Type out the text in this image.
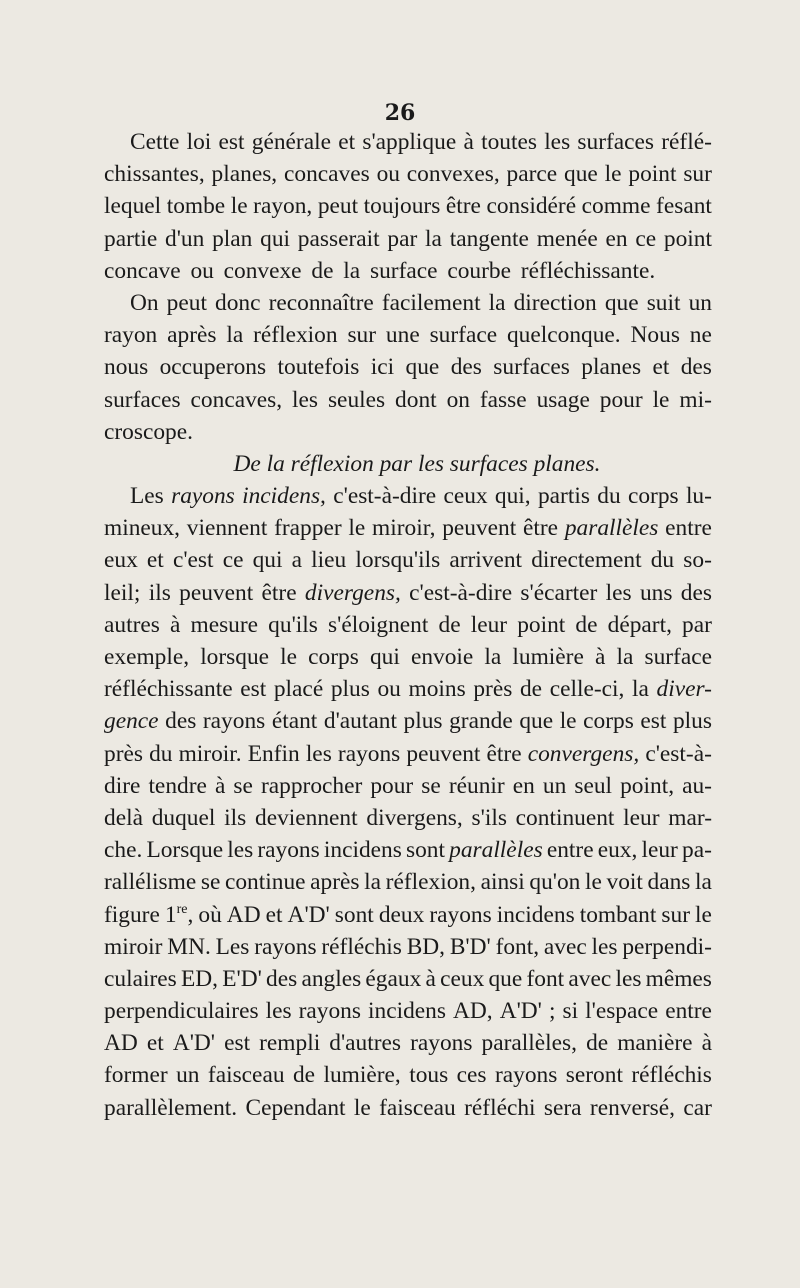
26
Cette loi est générale et s'applique à toutes les surfaces réflé-
chissantes, planes, concaves ou convexes, parce que le point sur
lequel tombe le rayon, peut toujours être considéré comme fesant
partie d'un plan qui passerait par la tangente menée en ce point
concave ou convexe de la surface courbe réfléchissante.
On peut donc reconnaître facilement la direction que suit un
rayon après la réflexion sur une surface quelconque. Nous ne
nous occuperons toutefois ici que des surfaces planes et des
surfaces concaves, les seules dont on fasse usage pour le mi-
croscope.
De la réflexion par les surfaces planes.
Les rayons incidens, c'est-à-dire ceux qui, partis du corps lu-
mineux, viennent frapper le miroir, peuvent être parallèles entre
eux et c'est ce qui a lieu lorsqu'ils arrivent directement du so-
leil; ils peuvent être divergens, c'est-à-dire s'écarter les uns des
autres à mesure qu'ils s'éloignent de leur point de départ, par
exemple, lorsque le corps qui envoie la lumière à la surface
réfléchissante est placé plus ou moins près de celle-ci, la diver-
gence des rayons étant d'autant plus grande que le corps est plus
près du miroir. Enfin les rayons peuvent être convergens, c'est-à-
dire tendre à se rapprocher pour se réunir en un seul point, au-
delà duquel ils deviennent divergens, s'ils continuent leur mar-
che. Lorsque les rayons incidens sont parallèles entre eux, leur pa-
rallélisme se continue après la réflexion, ainsi qu'on le voit dans la
figure 1re, où AD et A'D' sont deux rayons incidens tombant sur le
miroir MN. Les rayons réfléchis BD, B'D' font, avec les perpendi-
culaires ED, E'D' des angles égaux à ceux que font avec les mêmes
perpendiculaires les rayons incidens AD, A'D' ; si l'espace entre
AD et A'D' est rempli d'autres rayons parallèles, de manière à
former un faisceau de lumière, tous ces rayons seront réfléchis
parallèlement. Cependant le faisceau réfléchi sera renversé, car
